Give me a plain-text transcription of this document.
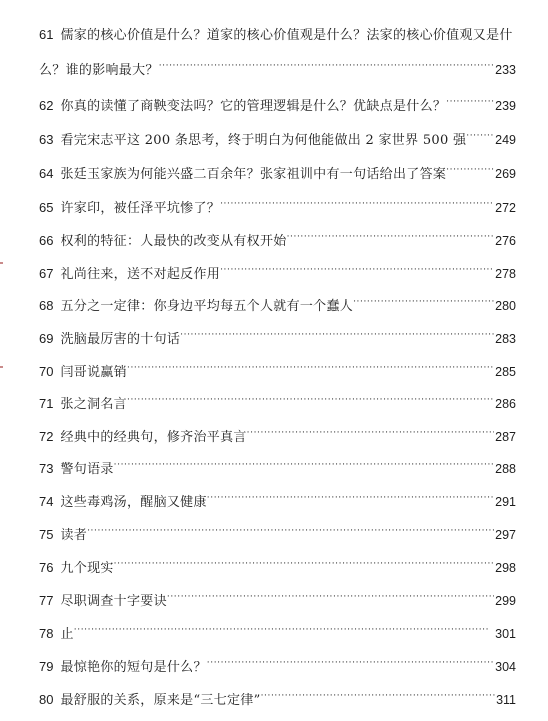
61 儒家的核心价值是什么？道家的核心价值观是什么？法家的核心价值观又是什
么？谁的影响最大？ ·····	233
62 你真的读懂了商鞅变法吗？它的管理逻辑是什么？优缺点是什么？ ·····	239
63 看完宋志平这 200 条思考，终于明白为何他能做出 2 家世界 500 强 ····· 249
64 张廷玉家族为何能兴盛二百余年？张家祖训中有一句话给出了答案 ·····	269
65 许家印，被任泽平坑惨了？ ·····	272
66 权利的特征：人最快的改变从有权开始 ·····	276
67 礼尚往来，送不对起反作用 ·····	278
68 五分之一定律：你身边平均每五个人就有一个蠢人 ·····	280
69 洗脑最厉害的十句话 ·····	283
70 闫哥说赢销 ·····	285
71 张之洞名言 ·····	286
72 经典中的经典句，修齐治平真言 ·····	287
73 警句语录 ·····	288
74 这些毒鸡汤，醒脑又健康 ·····	291
75 读者 ·····	297
76 九个现实 ·····	298
77 尽职调查十字要诀 ·····	299
78 止 ·····	301
79 最惊艳你的短句是什么？ ·····	304
80 最舒服的关系，原来是“三七定律” ·····	311
